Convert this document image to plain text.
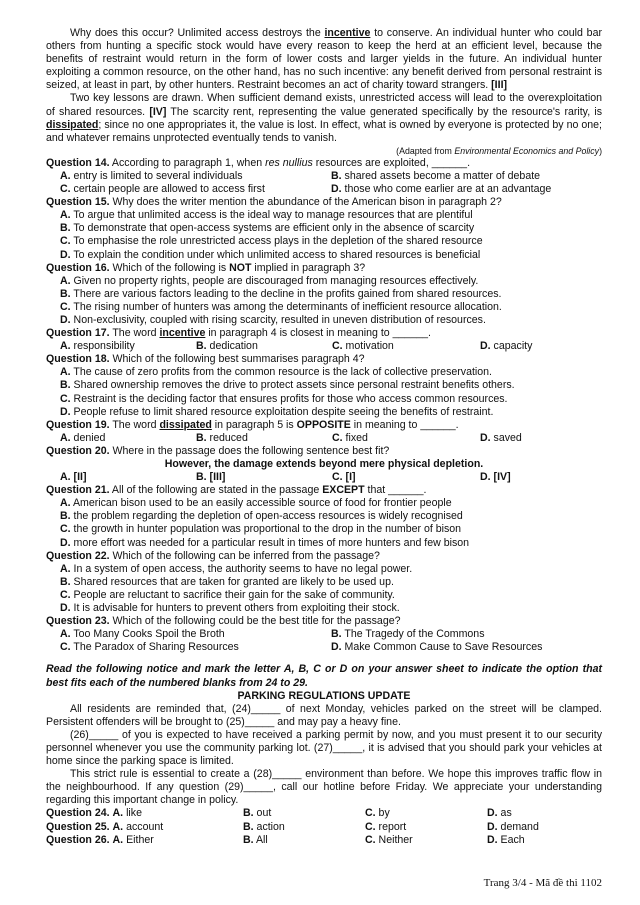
Why does this occur? Unlimited access destroys the incentive to conserve. An individual hunter who could bar others from hunting a specific stock would have every reason to keep the herd at an efficient level, because the benefits of restraint would return in the form of lower costs and larger yields in the future. An individual hunter exploiting a common resource, on the other hand, has no such incentive: any benefit derived from personal restraint is seized, at least in part, by other hunters. Restraint becomes an act of charity toward strangers. [III]

Two key lessons are drawn. When sufficient demand exists, unrestricted access will lead to the overexploitation of shared resources. [IV] The scarcity rent, representing the value generated specifically by the resource's rarity, is dissipated; since no one appropriates it, the value is lost. In effect, what is owned by everyone is protected by no one; and whatever remains unprotected eventually tends to vanish.

(Adapted from Environmental Economics and Policy)

Question 14. According to paragraph 1, when res nullius resources are exploited, ______.

A. entry is limited to several individuals	B. shared assets become a matter of debate
C. certain people are allowed to access first	D. those who come earlier are at an advantage

Question 15. Why does the writer mention the abundance of the American bison in paragraph 2?

A. To argue that unlimited access is the ideal way to manage resources that are plentiful
B. To demonstrate that open-access systems are efficient only in the absence of scarcity
C. To emphasise the role unrestricted access plays in the depletion of the shared resource
D. To explain the condition under which unlimited access to shared resources is beneficial

Question 16. Which of the following is NOT implied in paragraph 3?

A. Given no property rights, people are discouraged from managing resources effectively.
B. There are various factors leading to the decline in the profits gained from shared resources.
C. The rising number of hunters was among the determinants of inefficient resource allocation.
D. Non-exclusivity, coupled with rising scarcity, resulted in uneven distribution of resources.

Question 17. The word incentive in paragraph 4 is closest in meaning to ______.

A. responsibility	B. dedication	C. motivation	D. capacity

Question 18. Which of the following best summarises paragraph 4?

A. The cause of zero profits from the common resource is the lack of collective preservation.
B. Shared ownership removes the drive to protect assets since personal restraint benefits others.
C. Restraint is the deciding factor that ensures profits for those who access common resources.
D. People refuse to limit shared resource exploitation despite seeing the benefits of restraint.

Question 19. The word dissipated in paragraph 5 is OPPOSITE in meaning to ______.

A. denied	B. reduced	C. fixed	D. saved

Question 20. Where in the passage does the following sentence best fit?

However, the damage extends beyond mere physical depletion.

A. [II]	B. [III]	C. [I]	D. [IV]

Question 21. All of the following are stated in the passage EXCEPT that ______.

A. American bison used to be an easily accessible source of food for frontier people
B. the problem regarding the depletion of open-access resources is widely recognised
C. the growth in hunter population was proportional to the drop in the number of bison
D. more effort was needed for a particular result in times of more hunters and few bison

Question 22. Which of the following can be inferred from the passage?

A. In a system of open access, the authority seems to have no legal power.
B. Shared resources that are taken for granted are likely to be used up.
C. People are reluctant to sacrifice their gain for the sake of community.
D. It is advisable for hunters to prevent others from exploiting their stock.

Question 23. Which of the following could be the best title for the passage?

A. Too Many Cooks Spoil the Broth	B. The Tragedy of the Commons
C. The Paradox of Sharing Resources	D. Make Common Cause to Save Resources

Read the following notice and mark the letter A, B, C or D on your answer sheet to indicate the option that best fits each of the numbered blanks from 24 to 29.

PARKING REGULATIONS UPDATE

All residents are reminded that, (24)_____ of next Monday, vehicles parked on the street will be clamped. Persistent offenders will be brought to (25)_____ and may pay a heavy fine.

(26)_____ of you is expected to have received a parking permit by now, and you must present it to our security personnel whenever you use the community parking lot. (27)_____, it is advised that you should park your vehicles at home since the parking space is limited.

This strict rule is essential to create a (28)_____ environment than before. We hope this improves traffic flow in the neighbourhood. If any question (29)_____, call our hotline before Friday. We appreciate your understanding regarding this important change in policy.

Question 24. A. like	B. out	C. by	D. as
Question 25. A. account	B. action	C. report	D. demand
Question 26. A. Either	B. All	C. Neither	D. Each
Trang 3/4 - Mã đề thi 1102
